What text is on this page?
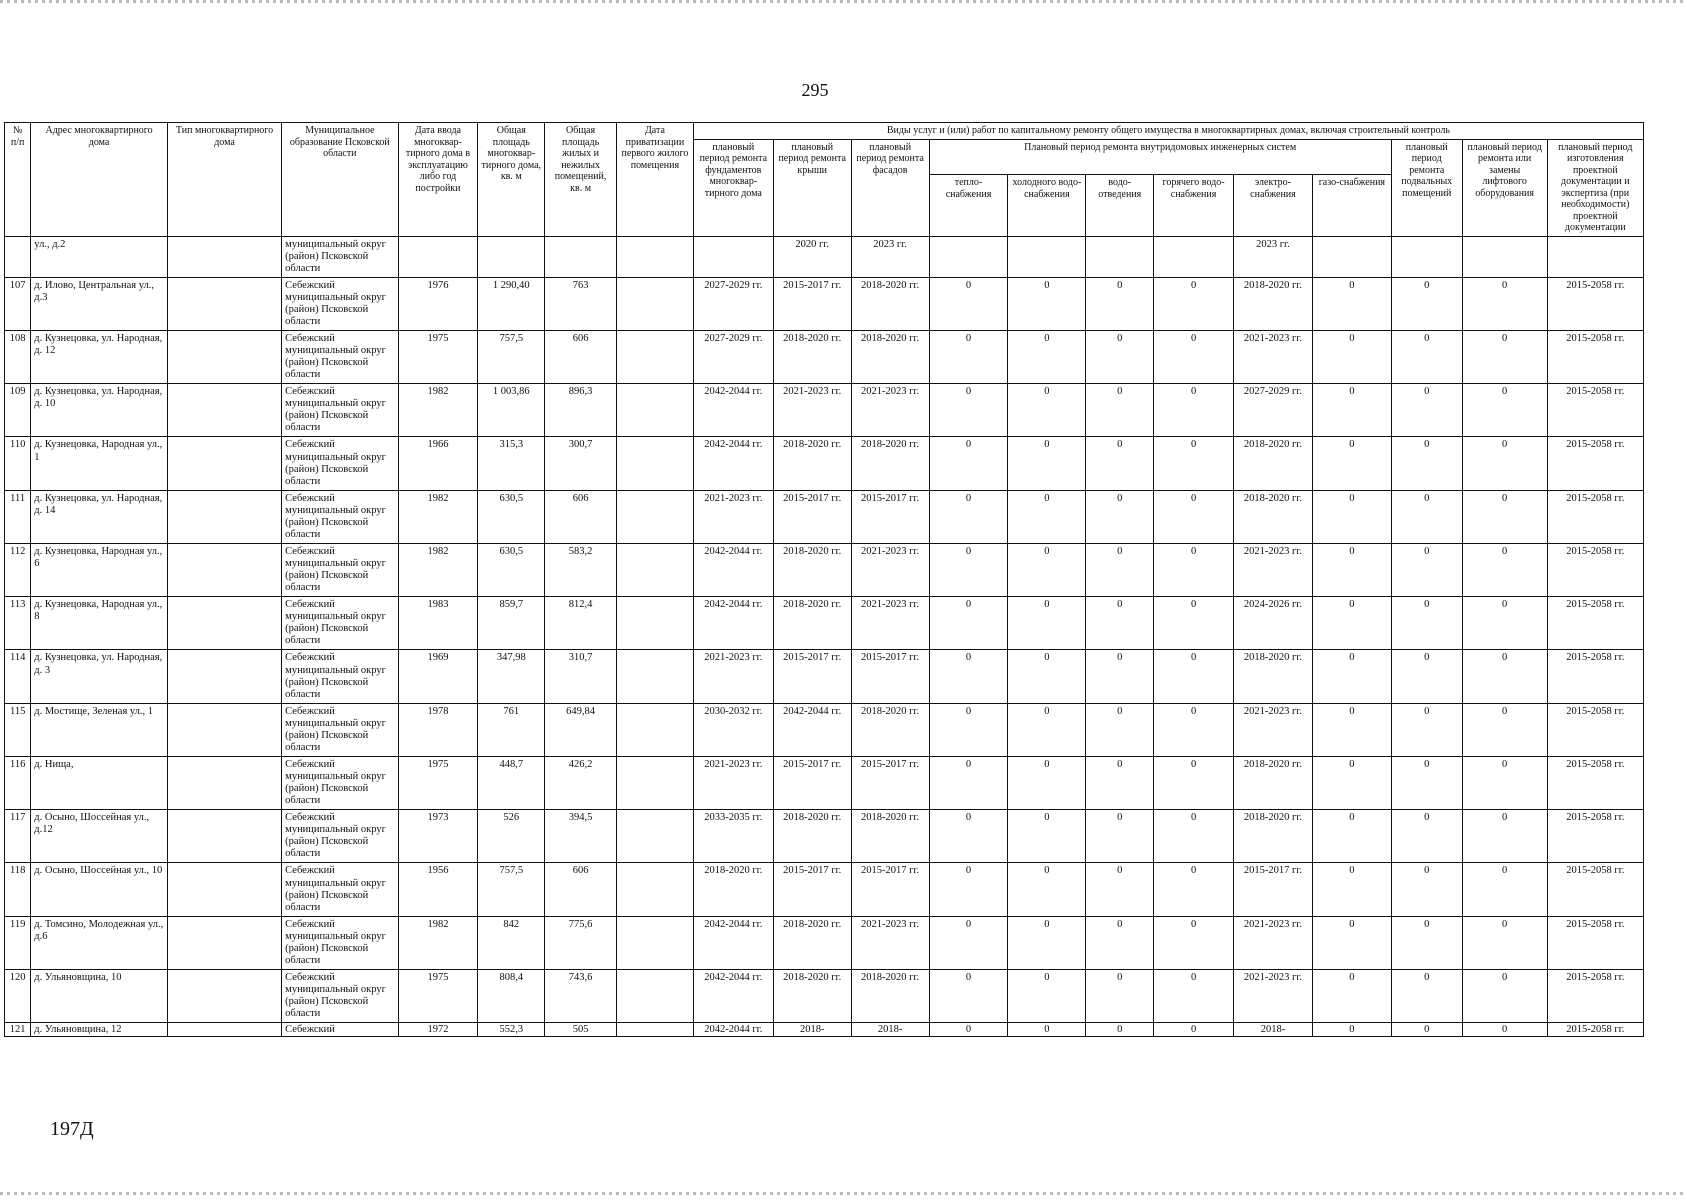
295
№ п/п	Адрес многоквартирного дома	Тип многоквартирного дома	Муниципальное образование Псковской области	Дата ввода многоквар-тирного дома в эксплуатацию либо год постройки	Общая площадь многоквар-тирного дома, кв. м	Общая площадь жилых и нежилых помещений, кв. м	Дата приватизации первого жилого помещения	Виды услуг и (или) работ по капитальному ремонту общего имущества в многоквартирных домах, включая строительный контроль											
								плановый период ремонта фундаментов многоквар-тирного дома	плановый период ремонта крыши	плановый период ремонта фасадов	Плановый период ремонта внутридомовых инженерных систем						плановый период ремонта подвальных помещений	плановый период ремонта или замены лифтового оборудования	плановый период изготовления проектной документации и экспертиза (при необходимости) проектной документации
											тепло-снабжения	холодного водо-снабжения	водо-отведения	горячего водо-снабжения	электро-снабжения	газо-снабжения			
	ул., д.2		муниципальный округ (район) Псковской области						2020 гг.	2023 гг.					2023 гг.				
107	д. Илово, Центральная ул., д.3		Себежский муниципальный округ (район) Псковской области	1976	1 290,40	763		2027-2029 гг.	2015-2017 гг.	2018-2020 гг.	0	0	0	0	2018-2020 гг.	0	0	0	2015-2058 гг.
108	д. Кузнецовка, ул. Народная, д. 12		Себежский муниципальный округ (район) Псковской области	1975	757,5	606		2027-2029 гг.	2018-2020 гг.	2018-2020 гг.	0	0	0	0	2021-2023 гг.	0	0	0	2015-2058 гг.
109	д. Кузнецовка, ул. Народная, д. 10		Себежский муниципальный округ (район) Псковской области	1982	1 003,86	896,3		2042-2044 гг.	2021-2023 гг.	2021-2023 гг.	0	0	0	0	2027-2029 гг.	0	0	0	2015-2058 гг.
110	д. Кузнецовка, Народная ул., 1		Себежский муниципальный округ (район) Псковской области	1966	315,3	300,7		2042-2044 гг.	2018-2020 гг.	2018-2020 гг.	0	0	0	0	2018-2020 гг.	0	0	0	2015-2058 гг.
111	д. Кузнецовка, ул. Народная, д. 14		Себежский муниципальный округ (район) Псковской области	1982	630,5	606		2021-2023 гг.	2015-2017 гг.	2015-2017 гг.	0	0	0	0	2018-2020 гг.	0	0	0	2015-2058 гг.
112	д. Кузнецовка, Народная ул., 6		Себежский муниципальный округ (район) Псковской области	1982	630,5	583,2		2042-2044 гг.	2018-2020 гг.	2021-2023 гг.	0	0	0	0	2021-2023 гг.	0	0	0	2015-2058 гг.
113	д. Кузнецовка, Народная ул., 8		Себежский муниципальный округ (район) Псковской области	1983	859,7	812,4		2042-2044 гг.	2018-2020 гг.	2021-2023 гг.	0	0	0	0	2024-2026 гг.	0	0	0	2015-2058 гг.
114	д. Кузнецовка, ул. Народная, д. 3		Себежский муниципальный округ (район) Псковской области	1969	347,98	310,7		2021-2023 гг.	2015-2017 гг.	2015-2017 гг.	0	0	0	0	2018-2020 гг.	0	0	0	2015-2058 гг.
115	д. Мостище, Зеленая ул., 1		Себежский муниципальный округ (район) Псковской области	1978	761	649,84		2030-2032 гг.	2042-2044 гг.	2018-2020 гг.	0	0	0	0	2021-2023 гг.	0	0	0	2015-2058 гг.
116	д. Нища,		Себежский муниципальный округ (район) Псковской области	1975	448,7	426,2		2021-2023 гг.	2015-2017 гг.	2015-2017 гг.	0	0	0	0	2018-2020 гг.	0	0	0	2015-2058 гг.
117	д. Осыно, Шоссейная ул., д.12		Себежский муниципальный округ (район) Псковской области	1973	526	394,5		2033-2035 гг.	2018-2020 гг.	2018-2020 гг.	0	0	0	0	2018-2020 гг.	0	0	0	2015-2058 гг.
118	д. Осыно, Шоссейная ул., 10		Себежский муниципальный округ (район) Псковской области	1956	757,5	606		2018-2020 гг.	2015-2017 гг.	2015-2017 гг.	0	0	0	0	2015-2017 гг.	0	0	0	2015-2058 гг.
119	д. Томсино, Молодежная ул., д.6		Себежский муниципальный округ (район) Псковской области	1982	842	775,6		2042-2044 гг.	2018-2020 гг.	2021-2023 гг.	0	0	0	0	2021-2023 гг.	0	0	0	2015-2058 гг.
120	д. Ульяновщина, 10		Себежский муниципальный округ (район) Псковской области	1975	808,4	743,6		2042-2044 гг.	2018-2020 гг.	2018-2020 гг.	0	0	0	0	2021-2023 гг.	0	0	0	2015-2058 гг.
121	д. Ульяновщина, 12		Себежский	1972	552,3	505		2042-2044 гг.	2018-	2018-	0	0	0	0	2018-	0	0	0	2015-2058 гг.
197Д
